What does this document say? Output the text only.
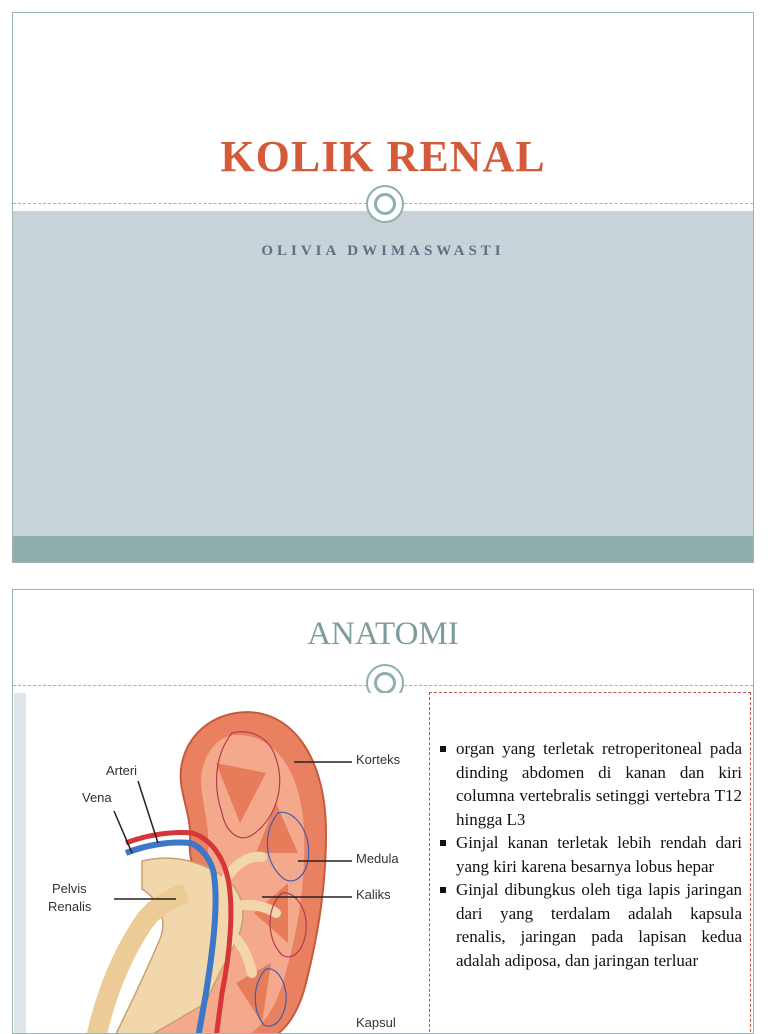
KOLIK RENAL
OLIVIA DWIMASWASTI
ANATOMI
Arteri
Vena
Pelvis
Renalis
Korteks
Medula
Kaliks
Kapsul
organ yang terletak retroperitoneal pada dinding abdomen di kanan dan kiri columna vertebralis setinggi vertebra T12 hingga L3
Ginjal kanan terletak lebih rendah dari yang kiri karena besarnya lobus hepar
Ginjal dibungkus oleh tiga lapis jaringan dari yang terdalam adalah kapsula renalis, jaringan pada lapisan kedua adalah adiposa, dan jaringan terluar
